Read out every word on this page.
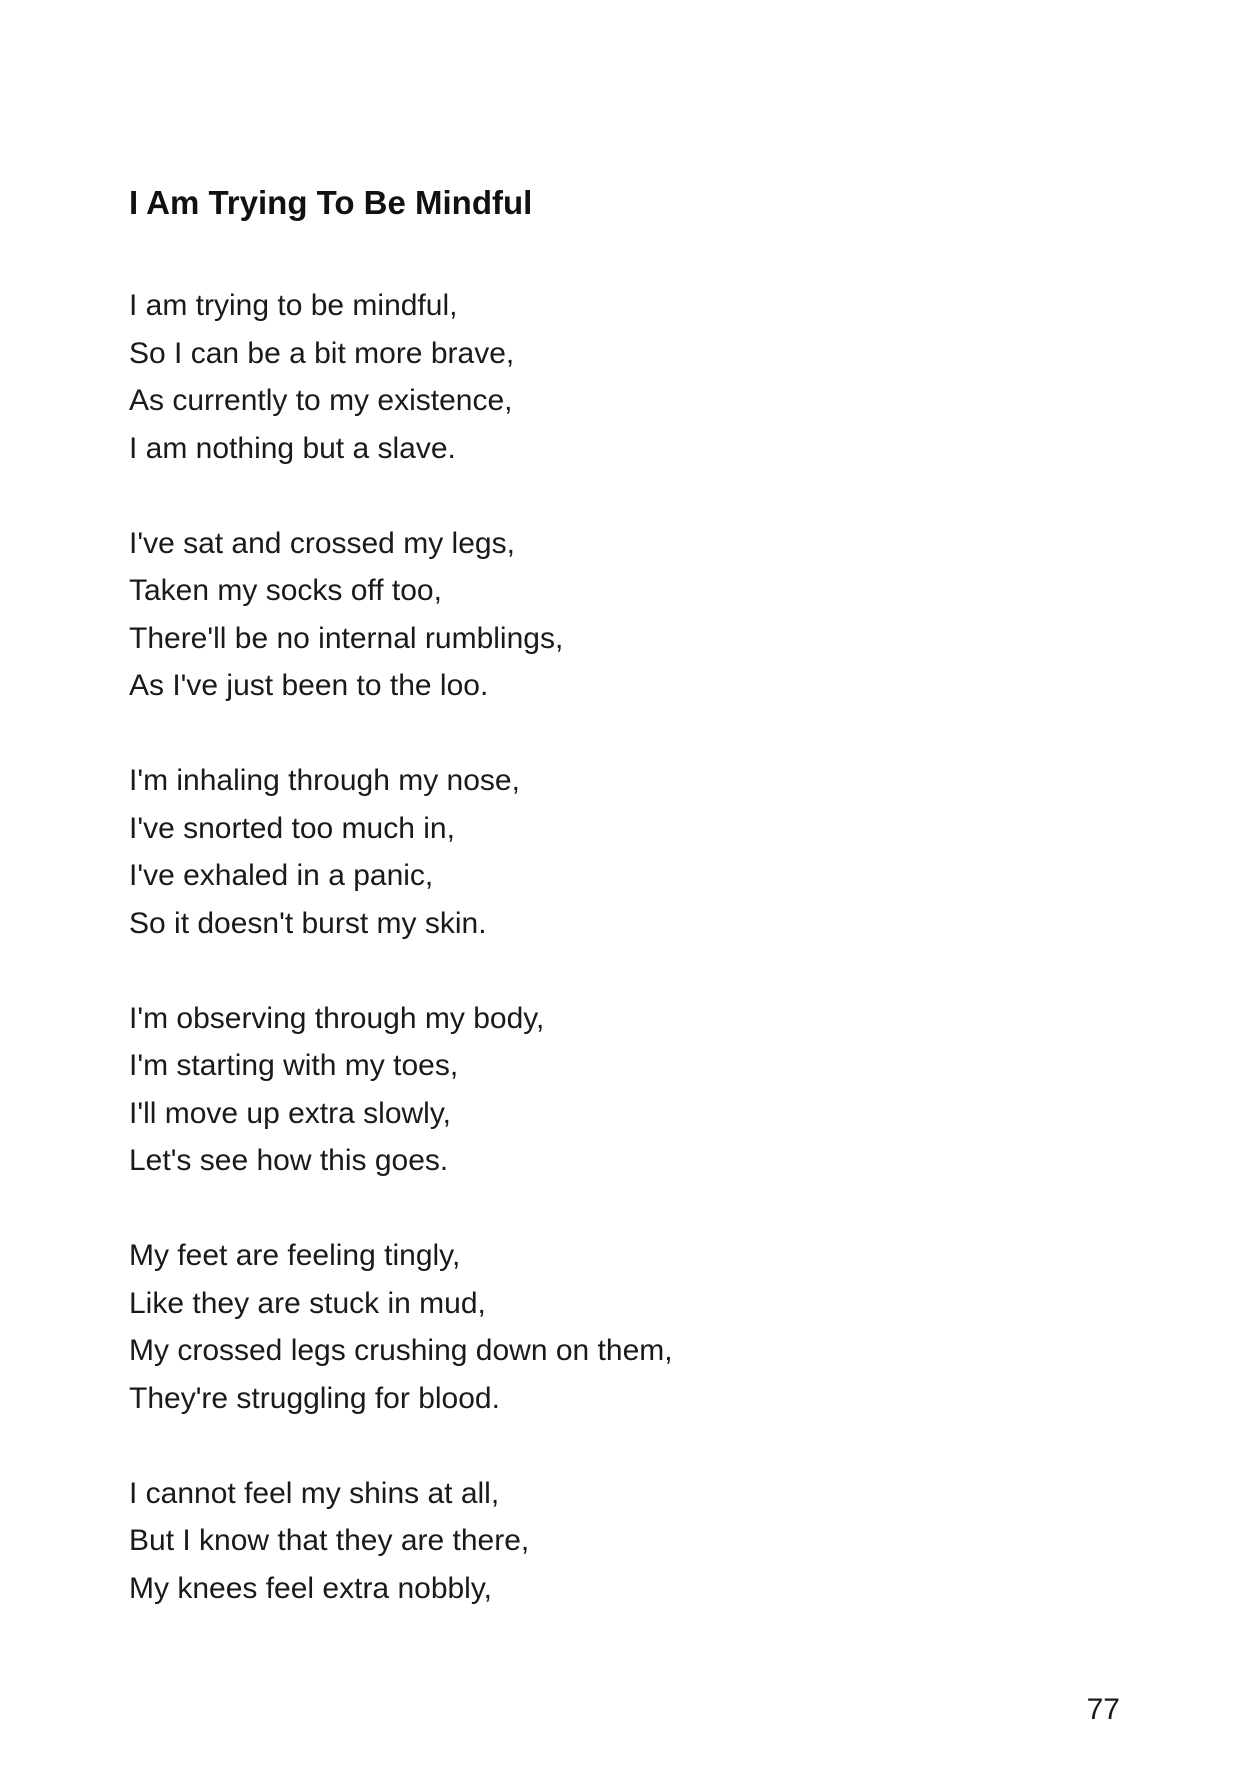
I Am Trying To Be Mindful
I am trying to be mindful,
So I can be a bit more brave,
As currently to my existence,
I am nothing but a slave.
I've sat and crossed my legs,
Taken my socks off too,
There'll be no internal rumblings,
As I've just been to the loo.
I'm inhaling through my nose,
I've snorted too much in,
I've exhaled in a panic,
So it doesn't burst my skin.
I'm observing through my body,
I'm starting with my toes,
I'll move up extra slowly,
Let's see how this goes.
My feet are feeling tingly,
Like they are stuck in mud,
My crossed legs crushing down on them,
They're struggling for blood.
I cannot feel my shins at all,
But I know that they are there,
My knees feel extra nobbly,
77
